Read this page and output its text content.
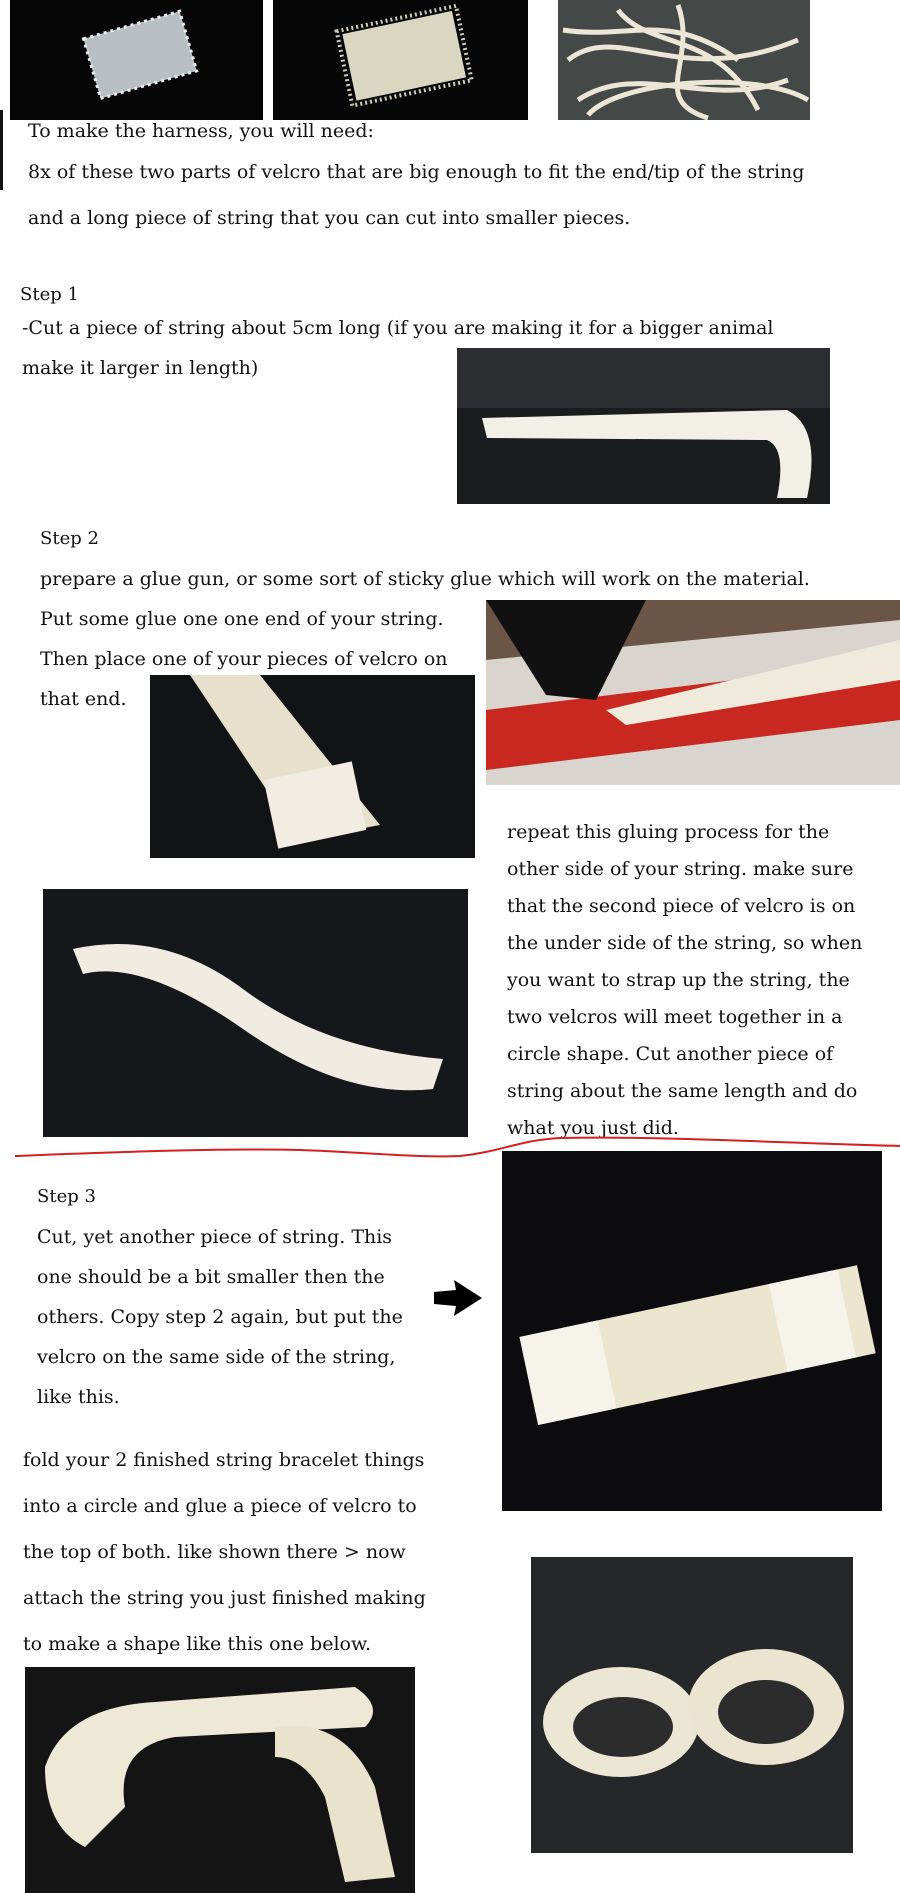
To make the harness, you will need:
8x of these two parts of velcro that are big enough to fit the end/tip of the string
and a long piece of string that you can cut into smaller pieces.
Step 1
-Cut a piece of string about 5cm long (if you are making it for a bigger animal
make it larger in length)
Step 2
prepare a glue gun, or some sort of sticky glue which will work on the material.
Put some glue one one end of your string.
Then place one of your pieces of velcro on
that end.
repeat this gluing process for the
other side of your string. make sure
that the second piece of velcro is on
the under side of the string, so when
you want to strap up the string, the
two velcros will meet together in a
circle shape. Cut another piece of
string about the same length and do
what you just did.
Step 3
Cut, yet another piece of string. This
one should be a bit smaller then the
others. Copy step 2 again, but put the
velcro on the same side of the string,
like this.
fold your 2 finished string bracelet things
into a circle and glue a piece of velcro to
the top of both. like shown there > now
attach the string you just finished making
to make a shape like this one below.
